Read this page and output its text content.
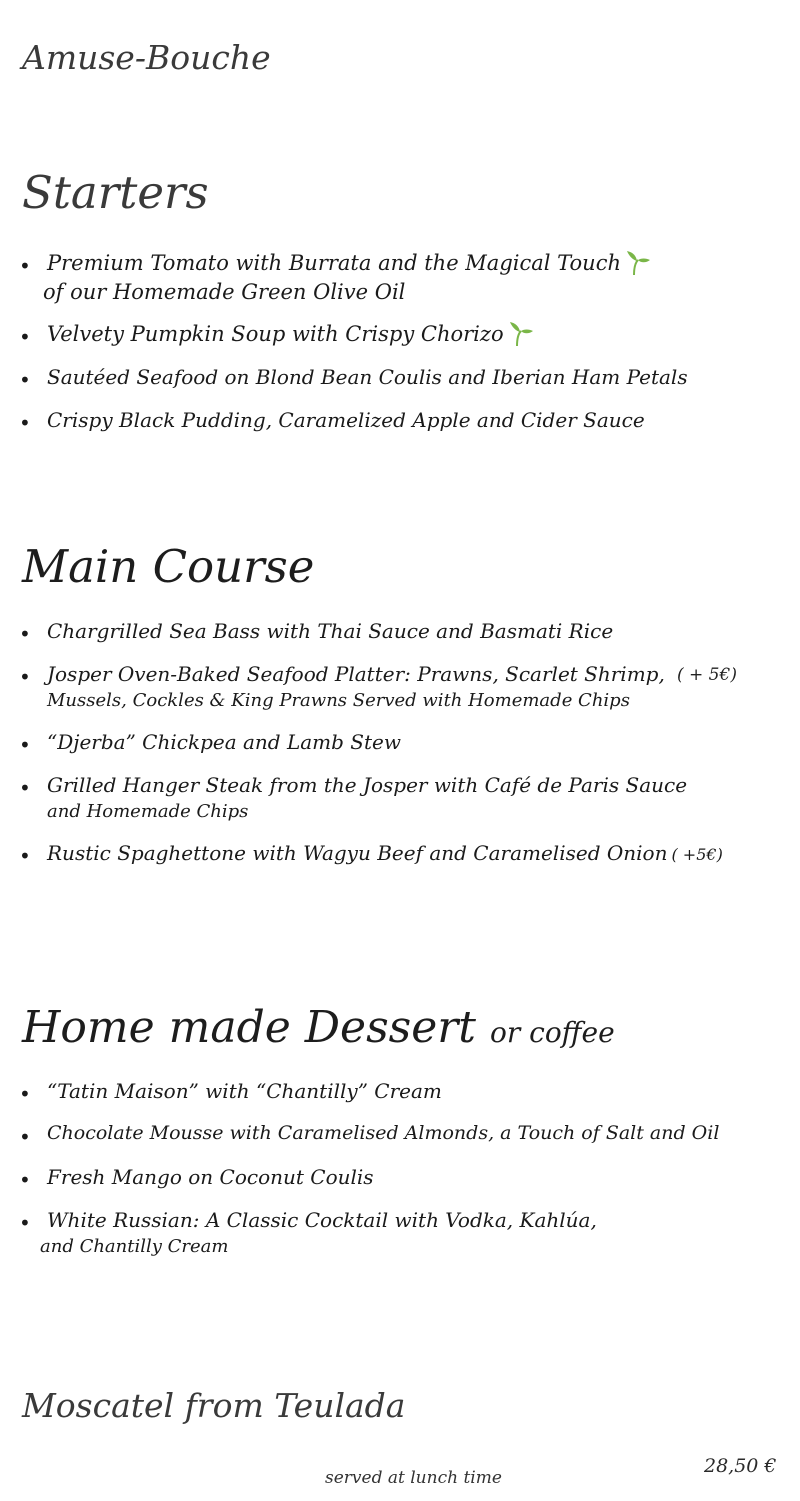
Amuse-Bouche
Starters
• Premium Tomato with Burrata and the Magical Touch
of our Homemade Green Olive Oil
• Velvety Pumpkin Soup with Crispy Chorizo
• Sautéed Seafood on Blond Bean Coulis and Iberian Ham Petals
• Crispy Black Pudding, Caramelized Apple and Cider Sauce
Main Course
• Chargrilled Sea Bass with Thai Sauce and Basmati Rice
• Josper Oven-Baked Seafood Platter: Prawns, Scarlet Shrimp, ( + 5€)
Mussels, Cockles & King Prawns Served with Homemade Chips
• “Djerba” Chickpea and Lamb Stew
• Grilled Hanger Steak from the Josper with Café de Paris Sauce
and Homemade Chips
• Rustic Spaghettone with Wagyu Beef and Caramelised Onion ( +5€)
Home made Dessert or coffee
• “Tatin Maison” with “Chantilly” Cream
• Chocolate Mousse with Caramelised Almonds, a Touch of Salt and Oil
• Fresh Mango on Coconut Coulis
• White Russian: A Classic Cocktail with Vodka, Kahlúa,
and Chantilly Cream
Moscatel from Teulada
28,50 €
served at lunch time
